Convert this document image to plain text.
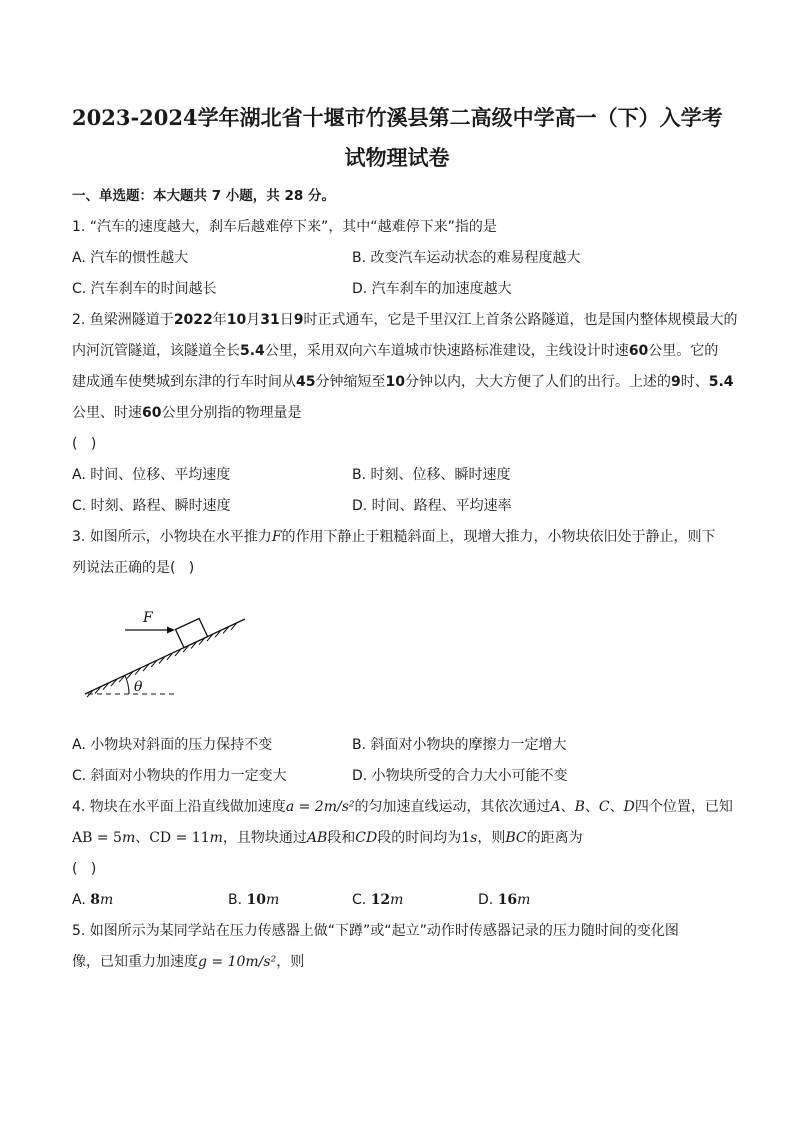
2023-2024学年湖北省十堰市竹溪县第二高级中学高一（下）入学考
试物理试卷
一、单选题：本大题共 7 小题，共 28 分。
1. “汽车的速度越大，刹车后越难停下来”，其中“越难停下来”指的是
A. 汽车的惯性越大	B. 改变汽车运动状态的难易程度越大
C. 汽车刹车的时间越长	D. 汽车刹车的加速度越大
2. 鱼梁洲隧道于 2022 年 10 月 31 日 9 时正式通车，它是千里汉江上首条公路隧道，也是国内整体规模最大的
内河沉管隧道，该隧道全长 5.4 公里，采用双向六车道城市快速路标准建设，主线设计时速 60 公里。它的
建成通车使樊城到东津的行车时间从 45 分钟缩短至 10 分钟以内，大大方便了人们的出行。上述的 9 时、 5.4
公里、时速 60 公里分别指的物理量是
(   )
A. 时间、位移、平均速度	B. 时刻、位移、瞬时速度
C. 时刻、路程、瞬时速度	D. 时间、路程、平均速率
3. 如图所示，小物块在水平推力 F 的作用下静止于粗糙斜面上，现增大推力，小物块依旧处于静止，则下
列说法正确的是(   )
θ
F
A. 小物块对斜面的压力保持不变	B. 斜面对小物块的摩擦力一定增大
C. 斜面对小物块的作用力一定变大	D. 小物块所受的合力大小可能不变
4. 物块在水平面上沿直线做加速度 a = 2m/s² 的匀加速直线运动，其依次通过 A 、 B 、 C 、 D 四个位置，已知
AB = 5 m 、CD = 11 m ，且物块通过 AB 段和 CD 段的时间均为 1 s ，则 BC 的距离为
(   )
A. 8 m	B. 10 m	C. 12 m	D. 16 m
5. 如图所示为某同学站在压力传感器上做“下蹲”或“起立”动作时传感器记录的压力随时间的变化图
像，已知重力加速度 g = 10m/s² ，则
